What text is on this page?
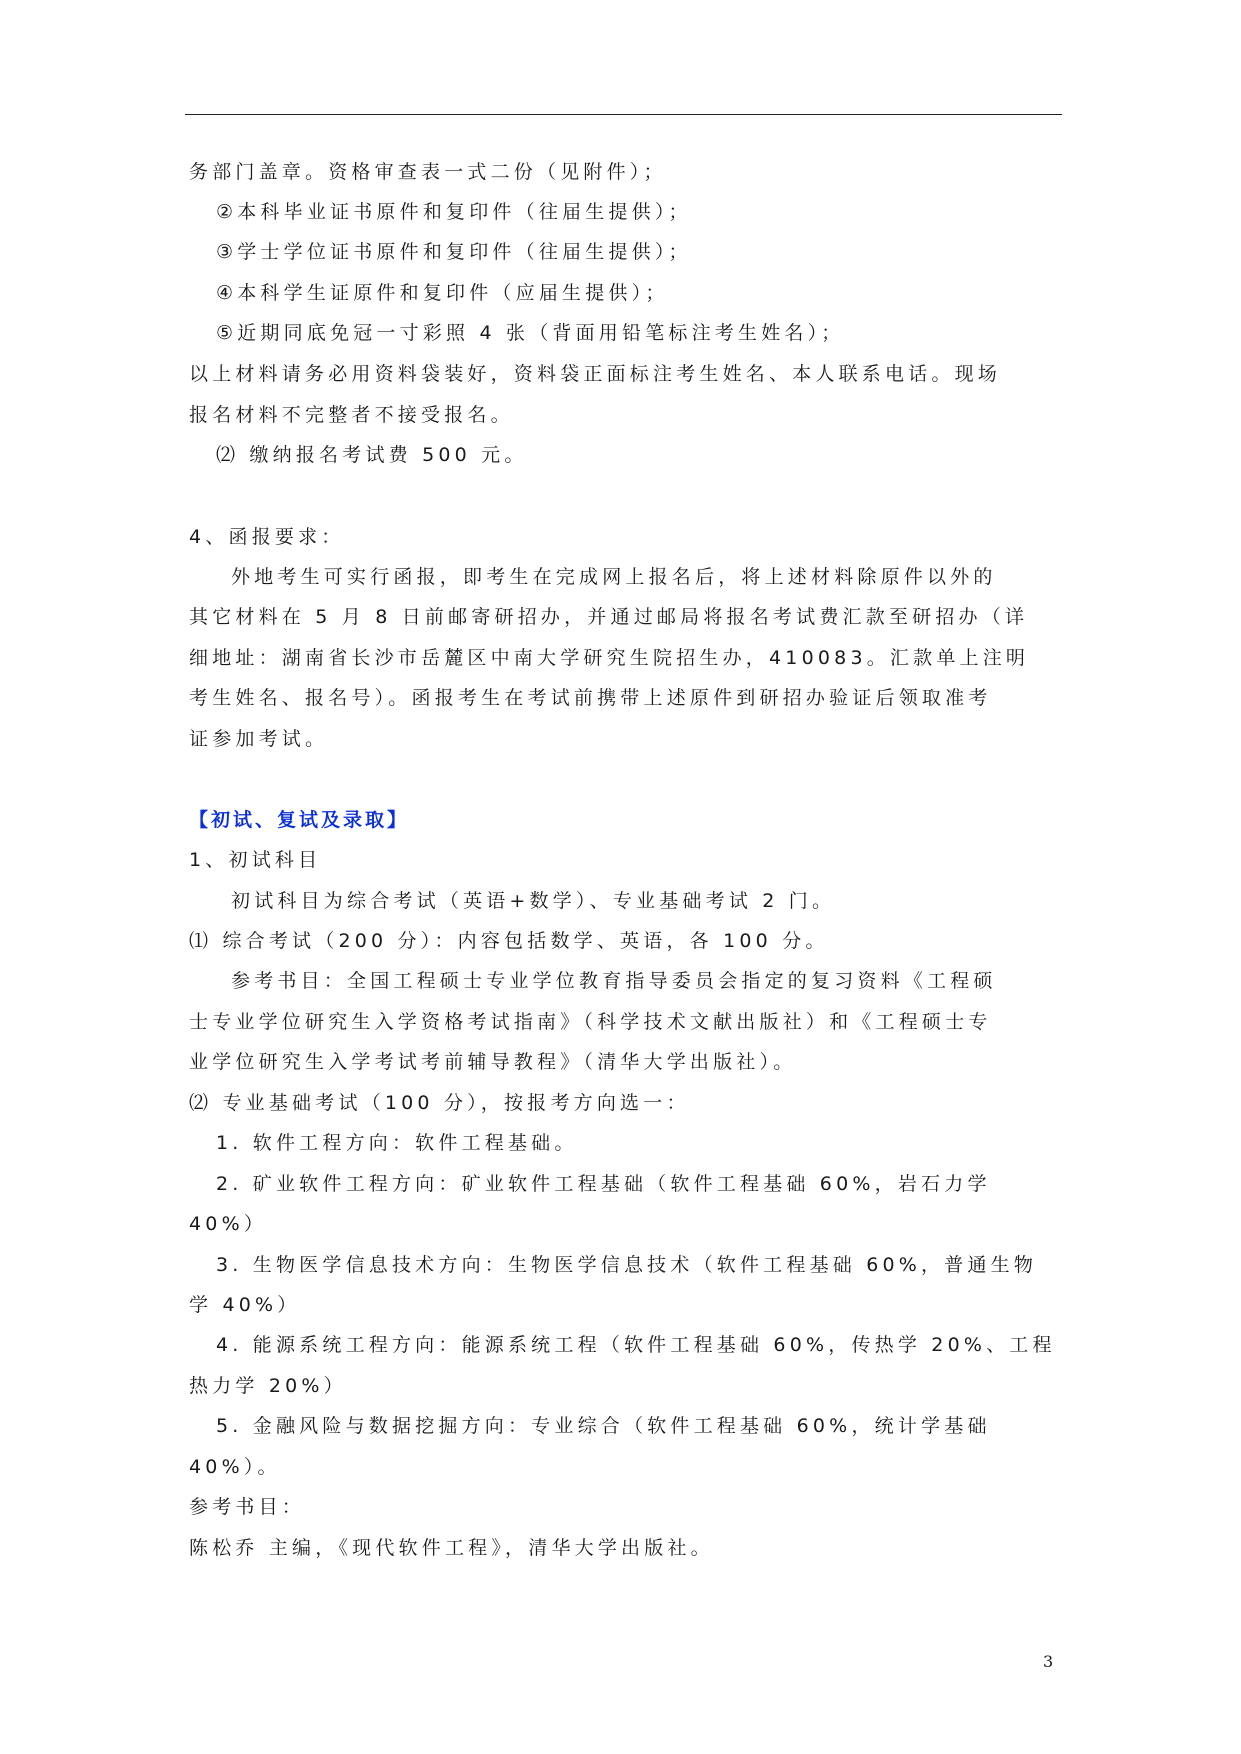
务部门盖章。资格审查表一式二份（见附件）；
②本科毕业证书原件和复印件（往届生提供）；
③学士学位证书原件和复印件（往届生提供）；
④本科学生证原件和复印件（应届生提供）；
⑤近期同底免冠一寸彩照 4 张（背面用铅笔标注考生姓名）；
以上材料请务必用资料袋装好，资料袋正面标注考生姓名、本人联系电话。现场
报名材料不完整者不接受报名。
⑵ 缴纳报名考试费 500 元。
4、函报要求：
外地考生可实行函报，即考生在完成网上报名后，将上述材料除原件以外的
其它材料在 5 月 8 日前邮寄研招办，并通过邮局将报名考试费汇款至研招办（详
细地址：湖南省长沙市岳麓区中南大学研究生院招生办，410083。汇款单上注明
考生姓名、报名号）。函报考生在考试前携带上述原件到研招办验证后领取准考
证参加考试。
【初试、复试及录取】
1、初试科目
初试科目为综合考试（英语+数学）、专业基础考试 2 门。
⑴ 综合考试（200 分）：内容包括数学、英语，各 100 分。
参考书目：全国工程硕士专业学位教育指导委员会指定的复习资料《工程硕
士专业学位研究生入学资格考试指南》（科学技术文献出版社）和《工程硕士专
业学位研究生入学考试考前辅导教程》（清华大学出版社）。
⑵ 专业基础考试（100 分），按报考方向选一：
1. 软件工程方向：软件工程基础。
2. 矿业软件工程方向：矿业软件工程基础（软件工程基础 60%，岩石力学
40%）
3. 生物医学信息技术方向：生物医学信息技术（软件工程基础 60%，普通生物
学 40%）
4. 能源系统工程方向：能源系统工程（软件工程基础 60%，传热学 20%、工程
热力学 20%）
5. 金融风险与数据挖掘方向：专业综合（软件工程基础 60%，统计学基础
40%）。
参考书目：
陈松乔 主编，《现代软件工程》，清华大学出版社。
3
